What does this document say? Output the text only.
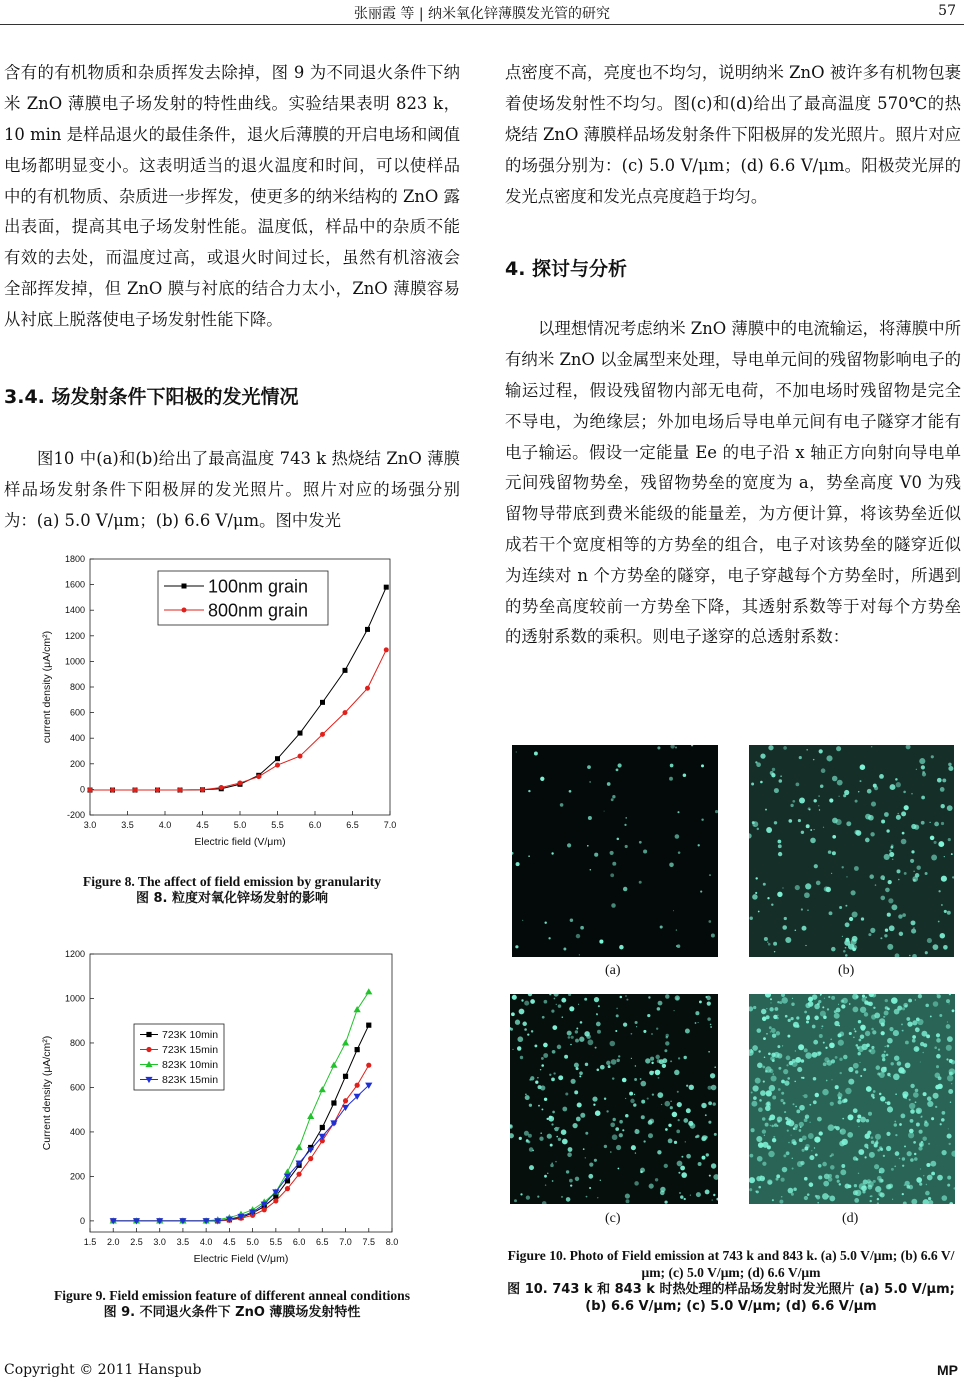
张丽霞 等 | 纳米氧化锌薄膜发光管的研究	57

含有的有机物质和杂质挥发去除掉，图 9 为不同退火条件下纳米 ZnO 薄膜电子场发射的特性曲线。实验结果表明 823 k，10 min 是样品退火的最佳条件，退火后薄膜的开启电场和阈值电场都明显变小。这表明适当的退火温度和时间，可以使样品中的有机物质、杂质进一步挥发，使更多的纳米结构的 ZnO 露出表面，提高其电子场发射性能。温度低，样品中的杂质不能有效的去处，而温度过高，或退火时间过长，虽然有机溶液会全部挥发掉，但 ZnO 膜与衬底的结合力太小，ZnO 薄膜容易从衬底上脱落使电子场发射性能下降。

3.4. 场发射条件下阳极的发光情况

图10 中(a)和(b)给出了最高温度 743 k 热烧结 ZnO 薄膜样品场发射条件下阳极屏的发光照片。照片对应的场强分别为：(a) 5.0 V/μm；(b) 6.6 V/μm。图中发光

点密度不高，亮度也不均匀，说明纳米 ZnO 被许多有机物包裹着使场发射性不均匀。图(c)和(d)给出了最高温度 570℃的热烧结 ZnO 薄膜样品场发射条件下阳极屏的发光照片。照片对应的场强分别为：(c) 5.0 V/μm；(d) 6.6 V/μm。阳极荧光屏的发光点密度和发光点亮度趋于均匀。

4. 探讨与分析

以理想情况考虑纳米 ZnO 薄膜中的电流输运，将薄膜中所有纳米 ZnO 以金属型来处理，导电单元间的残留物影响电子的输运过程，假设残留物内部无电荷，不加电场时残留物是完全不导电，为绝缘层；外加电场后导电单元间有电子隧穿才能有电子输运。假设一定能量 Ee 的电子沿 x 轴正方向射向导电单元间残留物势垒，残留物势垒的宽度为 a，势垒高度 V0 为残留物导带底到费米能级的能量差，为方便计算，将该势垒近似成若干个宽度相等的方势垒的组合，电子对该势垒的隧穿近似为连续对 n 个方势垒的隧穿，电子穿越每个方势垒时，所遇到的势垒高度较前一方势垒下降，其透射系数等于对每个方势垒的透射系数的乘积。则电子遂穿的总透射系数：

3.0	3.5	4.0	4.5	5.0	5.5	6.0	6.5	7.0
-200
0
200
400
600
800
1000
1200
1400
1600
1800
Electric field (V/μm)
current density (μA/cm²)
100nm grain
800nm grain
Figure 8. The affect of field emission by granularity
图 8. 粒度对氧化锌场发射的影响
1.5 2.0 2.5 3.0 3.5 4.0 4.5 5.0 5.5 6.0 6.5 7.0 7.5 8.0
0
200
400
600
800
1000
1200
Electric Field (V/μm)
Current density (μA/cm²)
723K 10min
723K 15min
823K 10min
823K 15min
Figure 9. Field emission feature of different anneal conditions
图 9. 不同退火条件下 ZnO 薄膜场发射特性
(a)	(b)
(c)	(d)
Figure 10. Photo of Field emission at 743 k and 843 k. (a) 5.0 V/μm; (b) 6.6 V/μm; (c) 5.0 V/μm; (d) 6.6 V/μm
图 10. 743 k 和 843 k 时热处理的样品场发射时发光照片 (a) 5.0 V/μm; (b) 6.6 V/μm; (c) 5.0 V/μm; (d) 6.6 V/μm
Copyright © 2011 Hanspub	MP
